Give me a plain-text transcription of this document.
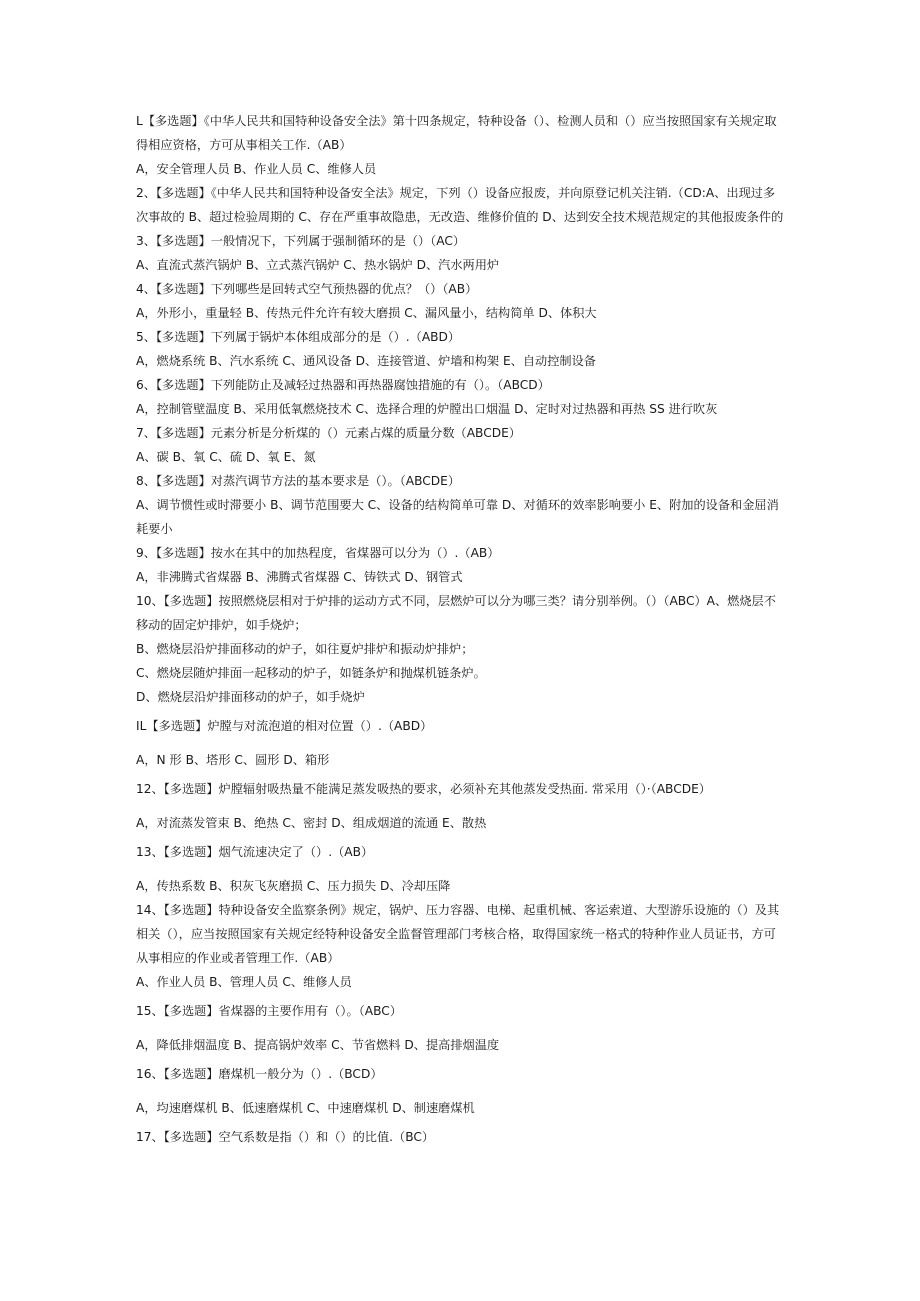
L【多选题】《中华人民共和国特种设备安全法》第十四条规定，特种设备（）、检测人员和（）应当按照国家有关规定取得相应资格，方可从事相关工作.（AB）

A，安全管理人员 B、作业人员 C、维修人员

2、【多选题】《中华人民共和国特种设备安全法》规定，下列（）设备应报废，并向原登记机关注销.（CD:A、出现过多次事故的 B、超过检验周期的 C、存在严重事故隐患，无改造、维修价值的 D、达到安全技术规范规定的其他报废条件的

3、【多选题】一般情况下，下列属于强制循环的是（）（AC）

A、直流式蒸汽锅炉 B、立式蒸汽锅炉 C、热水锅炉 D、汽水两用炉

4、【多选题】下列哪些是回转式空气预热器的优点？（）（AB）

A，外形小，重量轻 B、传热元件允许有较大磨损 C、漏风量小，结构简单 D、体积大

5、【多选题】下列属于锅炉本体组成部分的是（）.（ABD）

A，燃烧系统 B、汽水系统 C、通风设备 D、连接管道、炉墙和构架 E、自动控制设备

6、【多选题】下列能防止及减轻过热器和再热器腐蚀措施的有（）。（ABCD）

A，控制管壁温度 B、采用低氧燃烧技术 C、选择合理的炉膛出口烟温 D、定时对过热器和再热 SS 进行吹灰

7、【多选题】元素分析是分析煤的（）元素占煤的质量分数（ABCDE）

A、碳 B、氧 C、硫 D、氧 E、氮

8、【多选题】对蒸汽调节方法的基本要求是（）。（ABCDE）

A、调节惯性或时滞要小 B、调节范围要大 C、设备的结构简单可靠 D、对循环的效率影响要小 E、附加的设备和金屈消耗要小

9、【多选题】按水在其中的加热程度，省煤器可以分为（）.（AB）

A，非沸腾式省煤器 B、沸腾式省煤器 C、铸铁式 D、钢管式

10、【多选题】按照燃烧层相对于炉排的运动方式不同，层燃炉可以分为哪三类？请分别举例。（）（ABC）A、燃烧层不移动的固定炉排炉，如手烧炉；

B、燃烧层沿炉排面移动的炉子，如往夏炉排炉和振动炉排炉；

C、燃烧层随炉排面一起移动的炉子，如链条炉和抛煤机链条炉。

D、燃烧层沿炉排面移动的炉子，如手烧炉

IL【多选题】炉膛与对流泡道的相对位置（）.（ABD）

A，N 形 B、塔形 C、圆形 D、箱形

12、【多选题】炉膛辐射吸热量不能满足蒸发吸热的要求，必须补充其他蒸发受热面. 常采用（）·（ABCDE）

A，对流蒸发管束 B、绝热 C、密封 D、组成烟道的流通 E、散热

13、【多选题】烟气流速决定了（）.（AB）

A，传热系数 B、积灰飞灰磨损 C、压力损失 D、冷却压降

14、【多选题】特种设备安全监察条例》规定，锅炉、压力容器、电梯、起重机械、客运索道、大型游乐设施的（）及其相关（），应当按照国家有关规定经特种设备安全监督管理部门考核合格，取得国家统一格式的特种作业人员证书，方可从事相应的作业或者管理工作.（AB）

A、作业人员 B、管理人员 C、维修人员

15、【多选题】省煤器的主要作用有（）。（ABC）

A，降低排烟温度 B、提高锅炉效率 C、节省燃料 D、提高排烟温度

16、【多选题】磨煤机一般分为（）.（BCD）

A，均速磨煤机 B、低速磨煤机 C、中速磨煤机 D、制速磨煤机

17、【多选题】空气系数是指（）和（）的比值.（BC）
